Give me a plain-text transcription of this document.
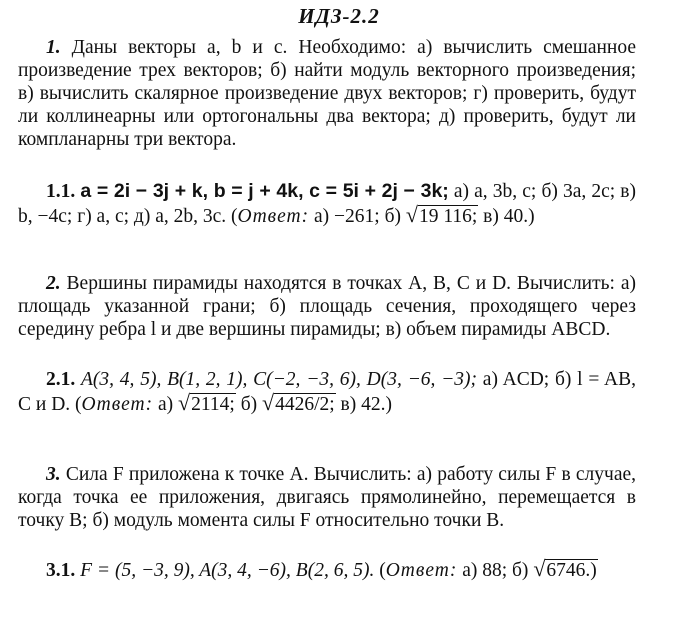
ИДЗ-2.2
1. Даны векторы a, b и c. Необходимо: а) вычислить смешанное произведение трех векторов; б) найти модуль векторного произведения; в) вычислить скалярное произведение двух векторов; г) проверить, будут ли коллинеарны или ортогональны два вектора; д) проверить, будут ли компланарны три вектора.
1.1. a = 2i − 3j + k, b = j + 4k, c = 5i + 2j − 3k; а) a, 3b, c; б) 3a, 2c; в) b, −4c; г) a, c; д) a, 2b, 3c. (Ответ: а) −261; б) √19 116; в) 40.)
2. Вершины пирамиды находятся в точках A, B, C и D. Вычислить: а) площадь указанной грани; б) площадь сечения, проходящего через середину ребра l и две вершины пирамиды; в) объем пирамиды ABCD.
2.1. A(3, 4, 5), B(1, 2, 1), C(−2, −3, 6), D(3, −6, −3); а) ACD; б) l = AB, C и D. (Ответ: а) √2114; б) √4426/2; в) 42.)
3. Сила F приложена к точке A. Вычислить: а) работу силы F в случае, когда точка ее приложения, двигаясь прямолинейно, перемещается в точку B; б) модуль момента силы F относительно точки B.
3.1. F = (5, −3, 9), A(3, 4, −6), B(2, 6, 5). (Ответ: а) 88; б) √6746.)
